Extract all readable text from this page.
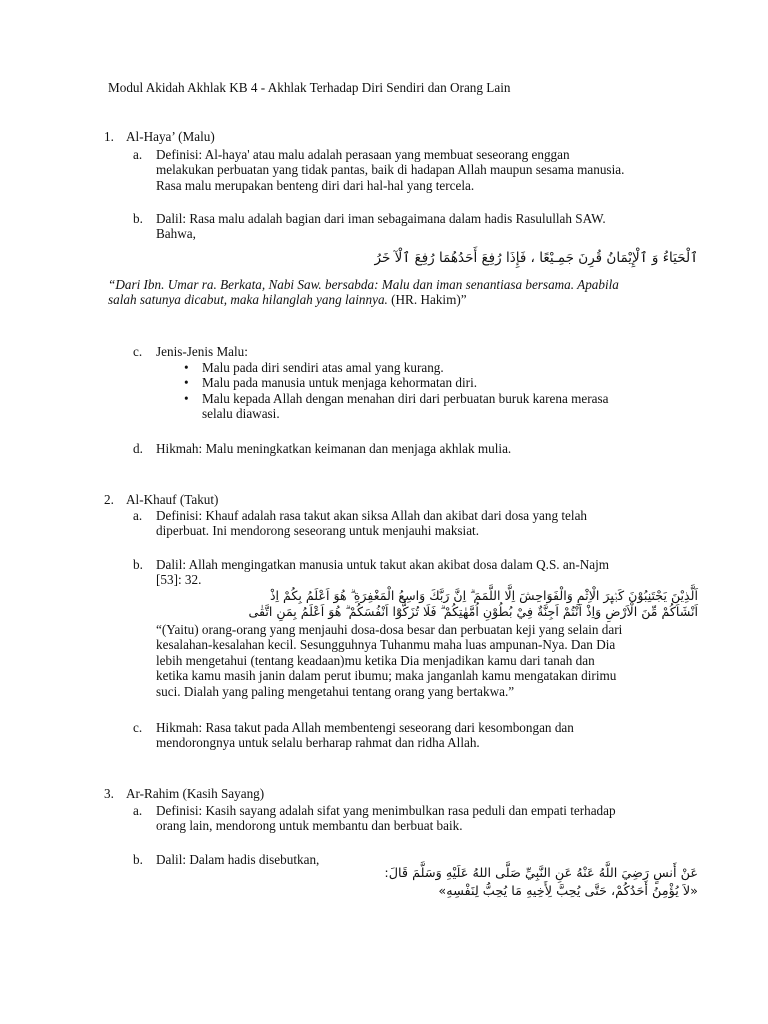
Modul Akidah Akhlak KB 4 - Akhlak Terhadap Diri Sendiri dan Orang Lain
1. Al-Haya’ (Malu)
a. Definisi: Al-haya' atau malu adalah perasaan yang membuat seseorang enggan
melakukan perbuatan yang tidak pantas, baik di hadapan Allah maupun sesama manusia.
Rasa malu merupakan benteng diri dari hal-hal yang tercela.
b. Dalil: Rasa malu adalah bagian dari iman sebagaimana dalam hadis Rasulullah SAW.
Bahwa,
ٱلْحَيَاءُ وَ ٱلْإِيْمَانُ قُرِنَ جَمِـيْعًا ، فَإِذَا رُفِعَ أَحَدُهُمَا رُفِعَ ٱلْآ خَرُ
“Dari Ibn. Umar ra. Berkata, Nabi Saw. bersabda: Malu dan iman senantiasa bersama. Apabila
salah satunya dicabut, maka hilanglah yang lainnya. (HR. Hakim)”
c. Jenis-Jenis Malu:
• Malu pada diri sendiri atas amal yang kurang.
• Malu pada manusia untuk menjaga kehormatan diri.
• Malu kepada Allah dengan menahan diri dari perbuatan buruk karena merasa
selalu diawasi.
d. Hikmah: Malu meningkatkan keimanan dan menjaga akhlak mulia.
2. Al-Khauf (Takut)
a. Definisi: Khauf adalah rasa takut akan siksa Allah dan akibat dari dosa yang telah
diperbuat. Ini mendorong seseorang untuk menjauhi maksiat.
b. Dalil: Allah mengingatkan manusia untuk takut akan akibat dosa dalam Q.S. an-Najm
[53]: 32.
اَلَّذِيْنَ يَجْتَنِبُوْنَ كَبٰۤىِٕرَ الْاِثْمِ وَالْفَوَاحِشَ اِلَّا اللَّمَمَ ۗ اِنَّ رَبَّكَ وَاسِعُ الْمَغْفِرَةِ ۗ هُوَ اَعْلَمُ بِكُمْ اِذْ
اَنْشَاَكُمْ مِّنَ الْاَرْضِ وَاِذْ اَنْتُمْ اَجِنَّةٌ فِيْ بُطُوْنِ اُمَّهٰتِكُمْ ۗ فَلَا تُزَكُّوْٓا اَنْفُسَكُمْ ۗ هُوَ اَعْلَمُ بِمَنِ اتَّقٰى
“(Yaitu) orang-orang yang menjauhi dosa-dosa besar dan perbuatan keji yang selain dari
kesalahan-kesalahan kecil. Sesungguhnya Tuhanmu maha luas ampunan-Nya. Dan Dia
lebih mengetahui (tentang keadaan)mu ketika Dia menjadikan kamu dari tanah dan
ketika kamu masih janin dalam perut ibumu; maka janganlah kamu mengatakan dirimu
suci. Dialah yang paling mengetahui tentang orang yang bertakwa.”
c. Hikmah: Rasa takut pada Allah membentengi seseorang dari kesombongan dan
mendorongnya untuk selalu berharap rahmat dan ridha Allah.
3. Ar-Rahim (Kasih Sayang)
a. Definisi: Kasih sayang adalah sifat yang menimbulkan rasa peduli dan empati terhadap
orang lain, mendorong untuk membantu dan berbuat baik.
b. Dalil: Dalam hadis disebutkan,
عَنْ أَنسٍ رَضِيَ اللَّهُ عَنْهُ عَنِ النَّبِيِّ صَلَّى اللهُ عَلَيْهِ وَسَلَّمَ قَالَ:
«لاَ يُؤْمِنُ أَحَدُكُمْ، حَتَّى يُحِبَّ لِأَخِيهِ مَا يُحِبُّ لِنَفْسِهِ»
